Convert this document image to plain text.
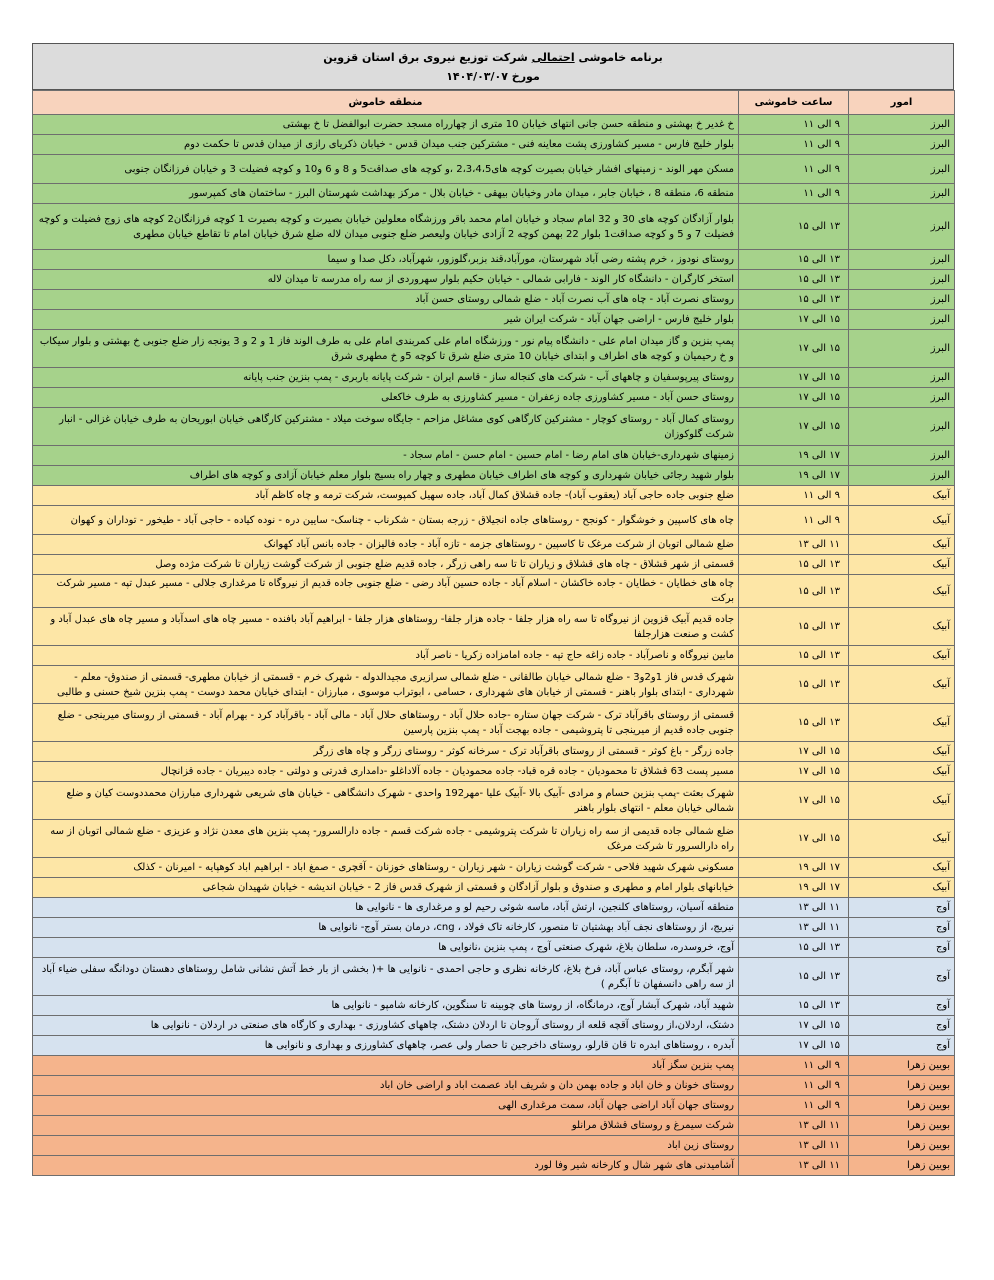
برنامه خاموشی احتمالی شرکت توزیع نیروی برق استان قزوین
مورخ ۱۴۰۴/۰۳/۰۷
امور	ساعت خاموشی	منطقه خاموش
البرز	۹ الی ۱۱	خ غدیر خ بهشتی و منطقه حسن جانی انتهای خیابان 10 متری از چهارراه مسجد حضرت ابوالفضل تا خ بهشتی
البرز	۹ الی ۱۱	بلوار خلیج فارس - مسیر کشاورزی پشت معاینه فنی - مشترکین جنب میدان قدس - خیابان ذکریای رازی از میدان قدس تا حکمت دوم
البرز	۹ الی ۱۱	مسکن مهر الوند - زمینهای افشار خیابان بصیرت کوچه های2،3،4،5 ،و کوچه های صداقت5 و 8 و 6 و10 و کوچه فضیلت 3 و خیابان فرزانگان جنوبی
البرز	۹ الی ۱۱	منطقه 6، منطقه 8 ، خیابان جابر ، میدان مادر وخیابان بیهقی - خیابان بلال - مرکز بهداشت شهرستان البرز - ساختمان های کمپرسور
البرز	۱۳ الی ۱۵	بلوار آزادگان کوچه های 30 و 32 امام سجاد و خیابان امام محمد باقر ورزشگاه معلولین خیابان بصیرت و کوچه بصیرت 1 کوچه فرزانگان2 کوچه های زوج فضیلت و کوچه فضیلت 7 و 5 و کوچه صداقت1 بلوار 22 بهمن کوچه 2 آزادی خیابان ولیعصر ضلع جنوبی میدان لاله ضلع شرق خیابان امام تا تقاطع خیابان مطهری
البرز	۱۳ الی ۱۵	روستای نودوز ، خرم پشته رضی آباد شهرستان، مورآباد،قند بزبر،گلوزور، شهرآباد، دکل صدا و سیما
البرز	۱۳ الی ۱۵	استخر کارگران - دانشگاه کار الوند - فارابی شمالی - خیابان حکیم بلوار سهروردی از سه راه مدرسه تا میدان لاله
البرز	۱۳ الی ۱۵	روستای نصرت آباد - چاه های آب نصرت آباد - ضلع شمالی روستای حسن آباد
البرز	۱۵ الی ۱۷	بلوار خلیج فارس - اراضی جهان آباد - شرکت ایران شیر
البرز	۱۵ الی ۱۷	پمپ بنزین و گاز میدان امام علی - دانشگاه پیام نور - ورزشگاه امام علی کمربندی امام علی به طرف الوند فاز 1 و 2 و 3 یونجه زار ضلع جنوبی خ بهشتی و بلوار سیکاب و خ رحیمیان و کوچه های اطراف و ابتدای خیابان 10 متری ضلع شرق تا کوچه 5و خ مطهری شرق
البرز	۱۵ الی ۱۷	روستای پیرپوسفیان و چاههای آب - شرکت های کنجاله ساز - قاسم ایران - شرکت پایانه باربری - پمپ بنزین جنب پایانه
البرز	۱۵ الی ۱۷	روستای حسن آباد - مسیر کشاورزی جاده زعفران - مسیر کشاورزی به طرف خاکعلی
البرز	۱۵ الی ۱۷	روستای کمال آباد - روستای کوچار - مشترکین کارگاهی کوی مشاغل مزاحم - جایگاه سوخت میلاد - مشترکین کارگاهی خیابان ابوریحان به طرف خیابان غزالی - انبار شرکت گلوکوزان
البرز	۱۷ الی ۱۹	زمینهای شهرداری-خیابان های امام رضا - امام حسین - امام حسن - امام سجاد -
البرز	۱۷ الی ۱۹	بلوار شهید رجائی خیابان شهرداری و کوچه های اطراف خیابان مطهری و چهار راه بسیج بلوار معلم خیابان آزادی و کوچه های اطراف
آبیک	۹ الی ۱۱	ضلع جنوبی جاده حاجی آباد (یعقوب آباد)- جاده قشلاق کمال آباد، جاده سهیل کمپوست، شرکت ترمه و چاه کاظم آباد
آبیک	۹ الی ۱۱	چاه های کاسپین و خوشگوار - کونجح - روستاهای جاده انجیلاق - زرجه بستان - شکرناب - چناسک- سایین دره - نوده کیاده - حاجی آباد - طیخور - توداران و کهوان
آبیک	۱۱ الی ۱۳	ضلع شمالی اتوبان از شرکت مرغک تا کاسپین - روستاهای جزمه - تازه آباد - جاده فالیزان - جاده بانس آباد کهوانک
آبیک	۱۳ الی ۱۵	قسمتی از شهر قشلاق - چاه های قشلاق و زیاران تا تا سه راهی زرگر ، جاده قدیم ضلع جنوبی از شرکت گوشت زیاران تا شرکت مژده وصل
آبیک	۱۳ الی ۱۵	چاه های خطایان - خطایان - جاده خاکشان - اسلام آباد - جاده حسین آباد رضی - ضلع جنوبی جاده قدیم از نیروگاه تا مرغداری جلالی - مسیر عبدل تپه - مسیر شرکت برکت
آبیک	۱۳ الی ۱۵	جاده قدیم آبیک قزوین از نیروگاه تا سه راه هزار جلفا - جاده هزار جلفا- روستاهای هزار جلفا - ابراهیم آباد بافنده - مسیر چاه های اسدآباد و مسیر چاه های عبدل آباد و کشت و صنعت هزارجلفا
آبیک	۱۳ الی ۱۵	مابین نیروگاه و ناصرآباد - جاده زاغه حاج تپه - جاده امامزاده زکریا - ناصر آباد
آبیک	۱۳ الی ۱۵	شهرک قدس فاز 1و2و3 - ضلع شمالی خیابان طالقانی - ضلع شمالی سرازیری مجیدالدوله - شهرک خرم - قسمتی از خیابان مطهری- قسمتی از صندوق- معلم - شهرداری - ابتدای بلوار باهنر - قسمتی از خیابان های شهرداری ، حسامی ، ابوتراب موسوی ، مبارزان - ابتدای خیابان محمد دوست - پمپ بنزین شیخ حسنی و طالبی
آبیک	۱۳ الی ۱۵	قسمتی از روستای باقرآباد ترک - شرکت جهان ستاره -جاده حلال آباد - روستاهای حلال آباد - مالی آباد - باقرآباد کرد - بهرام آباد - قسمتی از روستای میرینجی - ضلع جنوبی جاده قدیم از میرینجی تا پتروشیمی - جاده بهجت آباد - پمپ بنزین پارسین
آبیک	۱۵ الی ۱۷	جاده زرگر - باغ کوثر - قسمتی از روستای باقرآباد ترک - سرخانه کوثر - روستای زرگر و چاه های زرگر
آبیک	۱۵ الی ۱۷	مسیر پست 63 قشلاق تا محمودیان - جاده قره قباد- جاده محمودیان - جاده آلاداغلو -دامداری قدرتی و دولتی - جاده دیبریان - جاده قزانچال
آبیک	۱۵ الی ۱۷	شهرک بعثت -پمپ بنزین حسام و مرادی -آبیک بالا -آبیک علیا -مهر192 واحدی - شهرک دانشگاهی - خیابان های شریعی شهرداری مبارزان محمددوست کیان و ضلع شمالی خیابان معلم - انتهای بلوار باهنر
آبیک	۱۵ الی ۱۷	ضلع شمالی جاده قدیمی از سه راه زیاران تا شرکت پتروشیمی - جاده شرکت قسم - جاده دارالسرور- پمپ بنزین های معدن نژاد و عزیزی - ضلع شمالی اتوبان از سه راه دارالسرور تا شرکت مرغک
آبیک	۱۷ الی ۱۹	مسکونی شهرک شهید فلاحی - شرکت گوشت زیاران - شهر زیاران - روستاهای خوزنان - آقچری - صمغ اباد - ابراهیم اباد کوهپایه - امیرنان - کذلک
آبیک	۱۷ الی ۱۹	خیابانهای بلوار امام و مطهری و صندوق و بلوار آزادگان و قسمتی از شهرک قدس فاز 2 - خیابان اندیشه - خیابان شهیدان شجاعی
آوج	۱۱ الی ۱۳	منطقه آسیان، روستاهای کلنجین، ارتش آباد، ماسه شوئی رحیم لو و مرغداری ها - نانوایی ها
آوج	۱۱ الی ۱۳	نیریج، از روستاهای نجف آباد بهشتیان تا منصور، کارخانه تاک فولاد ، cng، درمان بستر آوج- نانوایی ها
آوج	۱۳ الی ۱۵	آوج، خروسدره، سلطان بلاغ، شهرک صنعتی آوج ، پمپ بنزین ،نانوایی ها
آوج	۱۳ الی ۱۵	شهر آبگرم، روستای عباس آباد، فرخ بلاغ، کارخانه نظری و حاجی احمدی - نانوایی ها +( بخشی از بار خط آتش نشانی شامل روستاهای دهستان دودانگه سفلی ضیاء آباد از سه راهی دانسفهان تا آبگرم )
آوج	۱۳ الی ۱۵	شهید آباد، شهرک آبشار آوج، درمانگاه، از روستا های چوبینه تا سنگوین، کارخانه شامپو - نانوایی ها
آوج	۱۵ الی ۱۷	دشتک، اردلان،از روستای آقچه قلعه از روستای آروجان تا اردلان دشتک، چاههای کشاورزی - بهداری و کارگاه های صنعتی در اردلان - نانوایی ها
آوج	۱۵ الی ۱۷	آبدره ، روستاهای ابدره تا قان قارلو، روستای داخرجین تا حصار ولی عصر، چاههای کشاورزی و بهداری و نانوایی ها
بویین زهرا	۹ الی ۱۱	پمپ بنزین سگز آباد
بویین زهرا	۹ الی ۱۱	روستای خونان و خان اباد و جاده بهمن دان و شریف اباد عصمت اباد و اراضی خان اباد
بویین زهرا	۹ الی ۱۱	روستای جهان آباد اراضی جهان آباد، سمت مرغداری الهی
بویین زهرا	۱۱ الی ۱۳	شرکت سیمرغ و روستای قشلاق مرانلو
بویین زهرا	۱۱ الی ۱۳	روستای زین اباد
بویین زهرا	۱۱ الی ۱۳	آشامیدنی های شهر شال و کارخانه شیر وفا لورد
